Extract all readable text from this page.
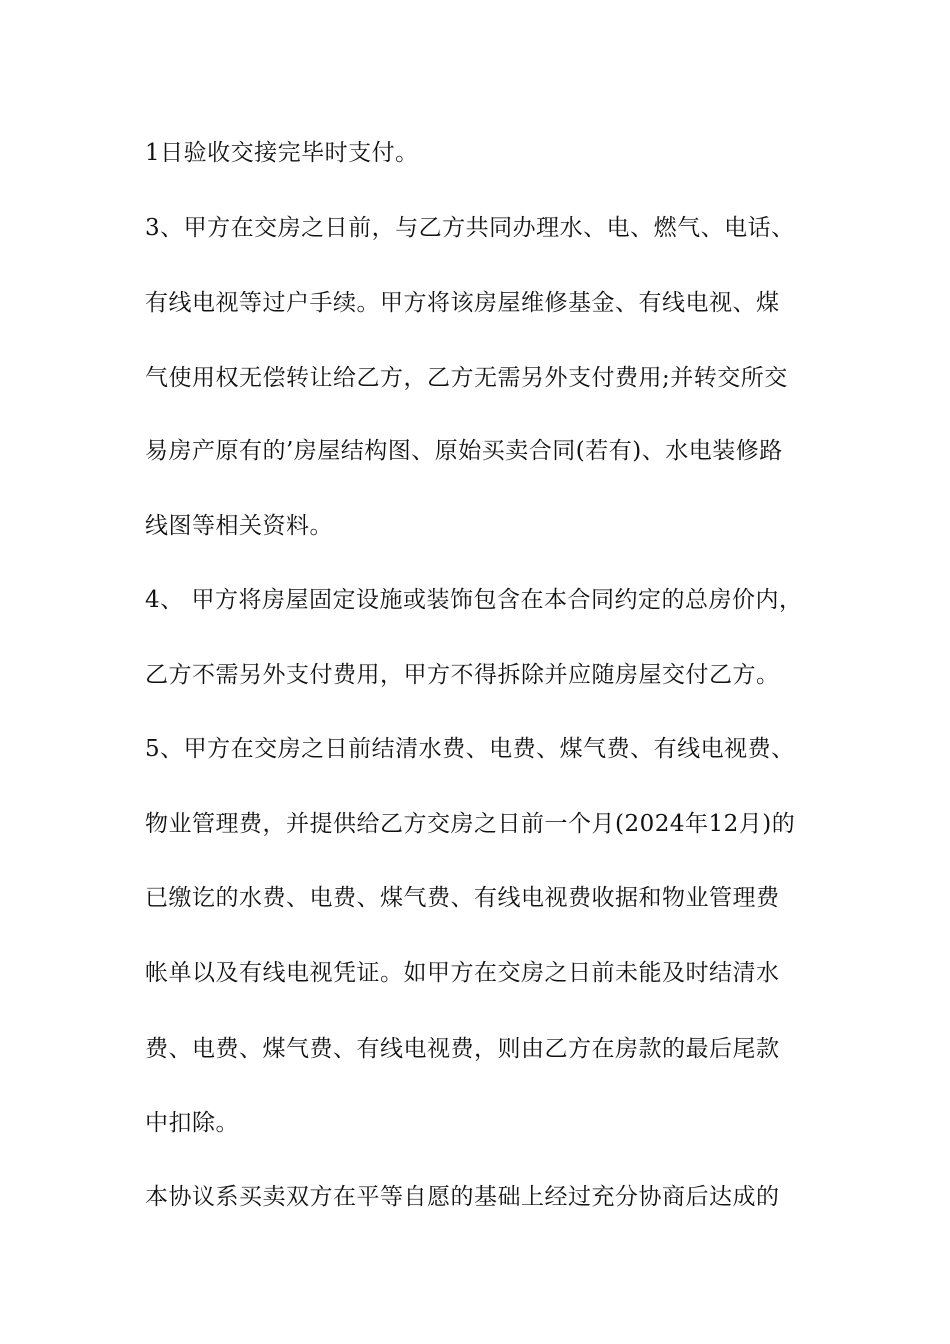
1日验收交接完毕时支付。
3、甲方在交房之日前，与乙方共同办理水、电、燃气、电话、
有线电视等过户手续。甲方将该房屋维修基金、有线电视、煤
气使用权无偿转让给乙方，乙方无需另外支付费用;并转交所交
易房产原有的’房屋结构图、原始买卖合同(若有)、水电装修路
线图等相关资料。
4、 甲方将房屋固定设施或装饰包含在本合同约定的总房价内，
乙方不需另外支付费用，甲方不得拆除并应随房屋交付乙方。
5、甲方在交房之日前结清水费、电费、煤气费、有线电视费、
物业管理费，并提供给乙方交房之日前一个月(2024年12月)的
已缴讫的水费、电费、煤气费、有线电视费收据和物业管理费
帐单以及有线电视凭证。如甲方在交房之日前未能及时结清水
费、电费、煤气费、有线电视费，则由乙方在房款的最后尾款
中扣除。
本协议系买卖双方在平等自愿的基础上经过充分协商后达成的
